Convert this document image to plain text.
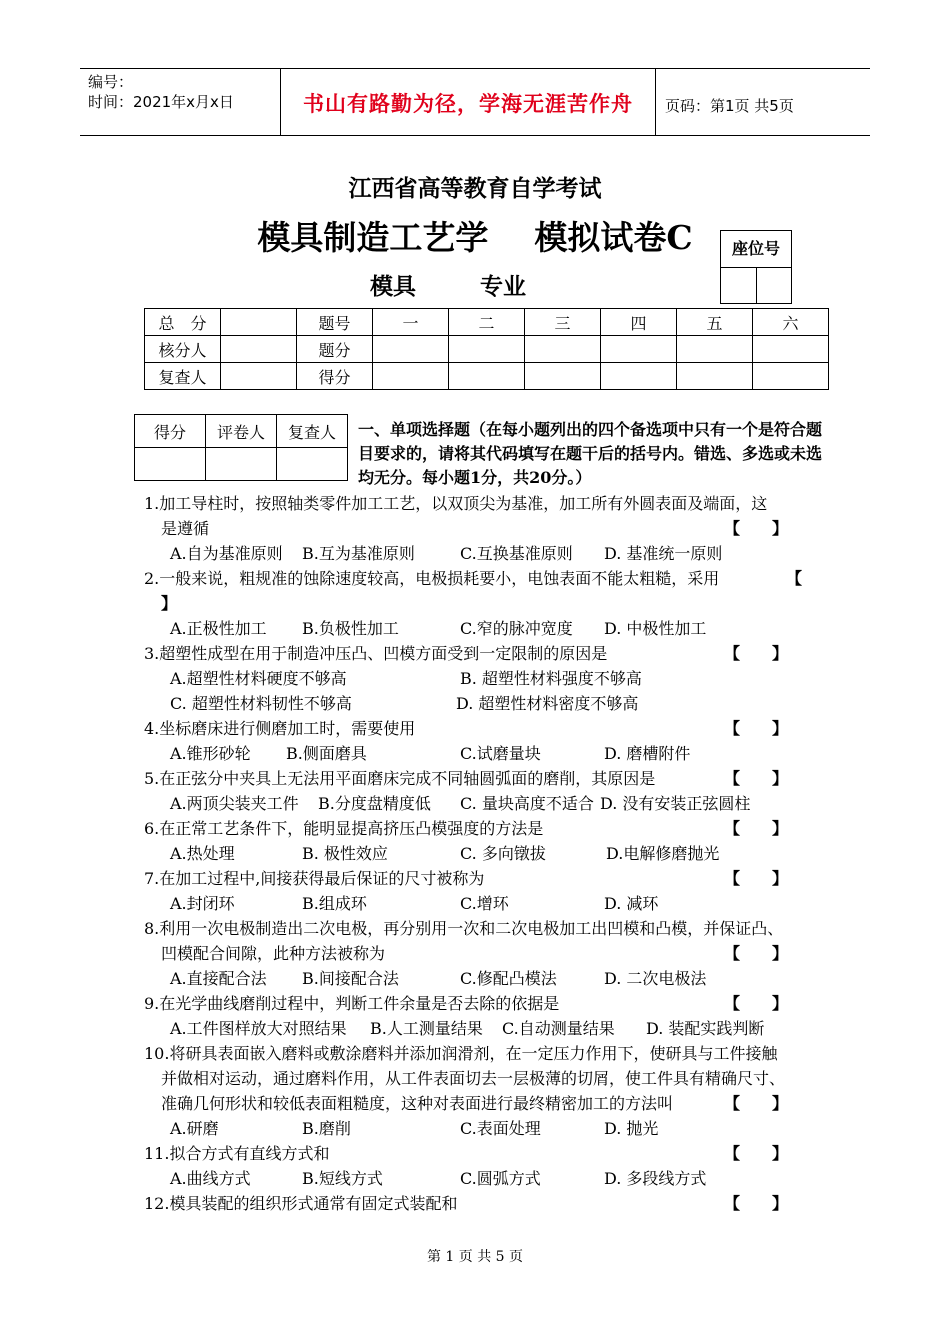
编号：
时间：2021年x月x日	书山有路勤为径，学海无涯苦作舟	页码：第1页 共5页
江西省高等教育自学考试
模具制造工艺学    模拟试卷C
模具        专业
座位号
总　分		题号	一	二	三	四	五	六
核分人		题分						
复查人		得分						
得分	评卷人	复查人
		一、单项选择题（在每小题列出的四个备选项中只有一个是符合题目要求的，请将其代码填写在题干后的括号内。错选、多选或未选均无分。每小题1分，共20分。）
1.加工导柱时，按照轴类零件加工工艺，以双顶尖为基准，加工所有外圆表面及端面，这
是遵循	【　　】
A.自为基准原则 B.互为基准原则	C.互换基准原则 D. 基准统一原则
2.一般来说，粗规准的蚀除速度较高，电极损耗要小，电蚀表面不能太粗糙，采用	【
】
A.正极性加工 B.负极性加工	C.窄的脉冲宽度 D. 中极性加工
3.超塑性成型在用于制造冲压凸、凹模方面受到一定限制的原因是	【　　】
A.超塑性材料硬度不够高	B. 超塑性材料强度不够高
C. 超塑性材料韧性不够高	D. 超塑性材料密度不够高
4.坐标磨床进行侧磨加工时，需要使用	【　　】
A.锥形砂轮 B.侧面磨具	C.试磨量块	D. 磨槽附件
5.在正弦分中夹具上无法用平面磨床完成不同轴圆弧面的磨削，其原因是	【　　】
A.两顶尖装夹工件 B.分度盘精度低 C. 量块高度不适合 D. 没有安装正弦圆柱
6.在正常工艺条件下，能明显提高挤压凸模强度的方法是	【　　】
A.热处理	B. 极性效应	C. 多向镦拔	D.电解修磨抛光
7.在加工过程中,间接获得最后保证的尺寸被称为	【　　】
A.封闭环	B.组成环	C.增环	D. 减环
8.利用一次电极制造出二次电极，再分别用一次和二次电极加工出凹模和凸模，并保证凸、
凹模配合间隙，此种方法被称为	【　　】
A.直接配合法 B.间接配合法	C.修配凸模法	D. 二次电极法
9.在光学曲线磨削过程中，判断工件余量是否去除的依据是	【　　】
A.工件图样放大对照结果 B.人工测量结果 C.自动测量结果 D. 装配实践判断
10.将研具表面嵌入磨料或敷涂磨料并添加润滑剂，在一定压力作用下，使研具与工件接触
并做相对运动，通过磨料作用，从工件表面切去一层极薄的切屑，使工件具有精确尺寸、
准确几何形状和较低表面粗糙度，这种对表面进行最终精密加工的方法叫	【　　】
A.研磨	B.磨削	C.表面处理	D. 抛光
11.拟合方式有直线方式和	【　　】
A.曲线方式	B.短线方式	C.圆弧方式	D. 多段线方式
12.模具装配的组织形式通常有固定式装配和	【　　】
第 1 页 共 5 页
